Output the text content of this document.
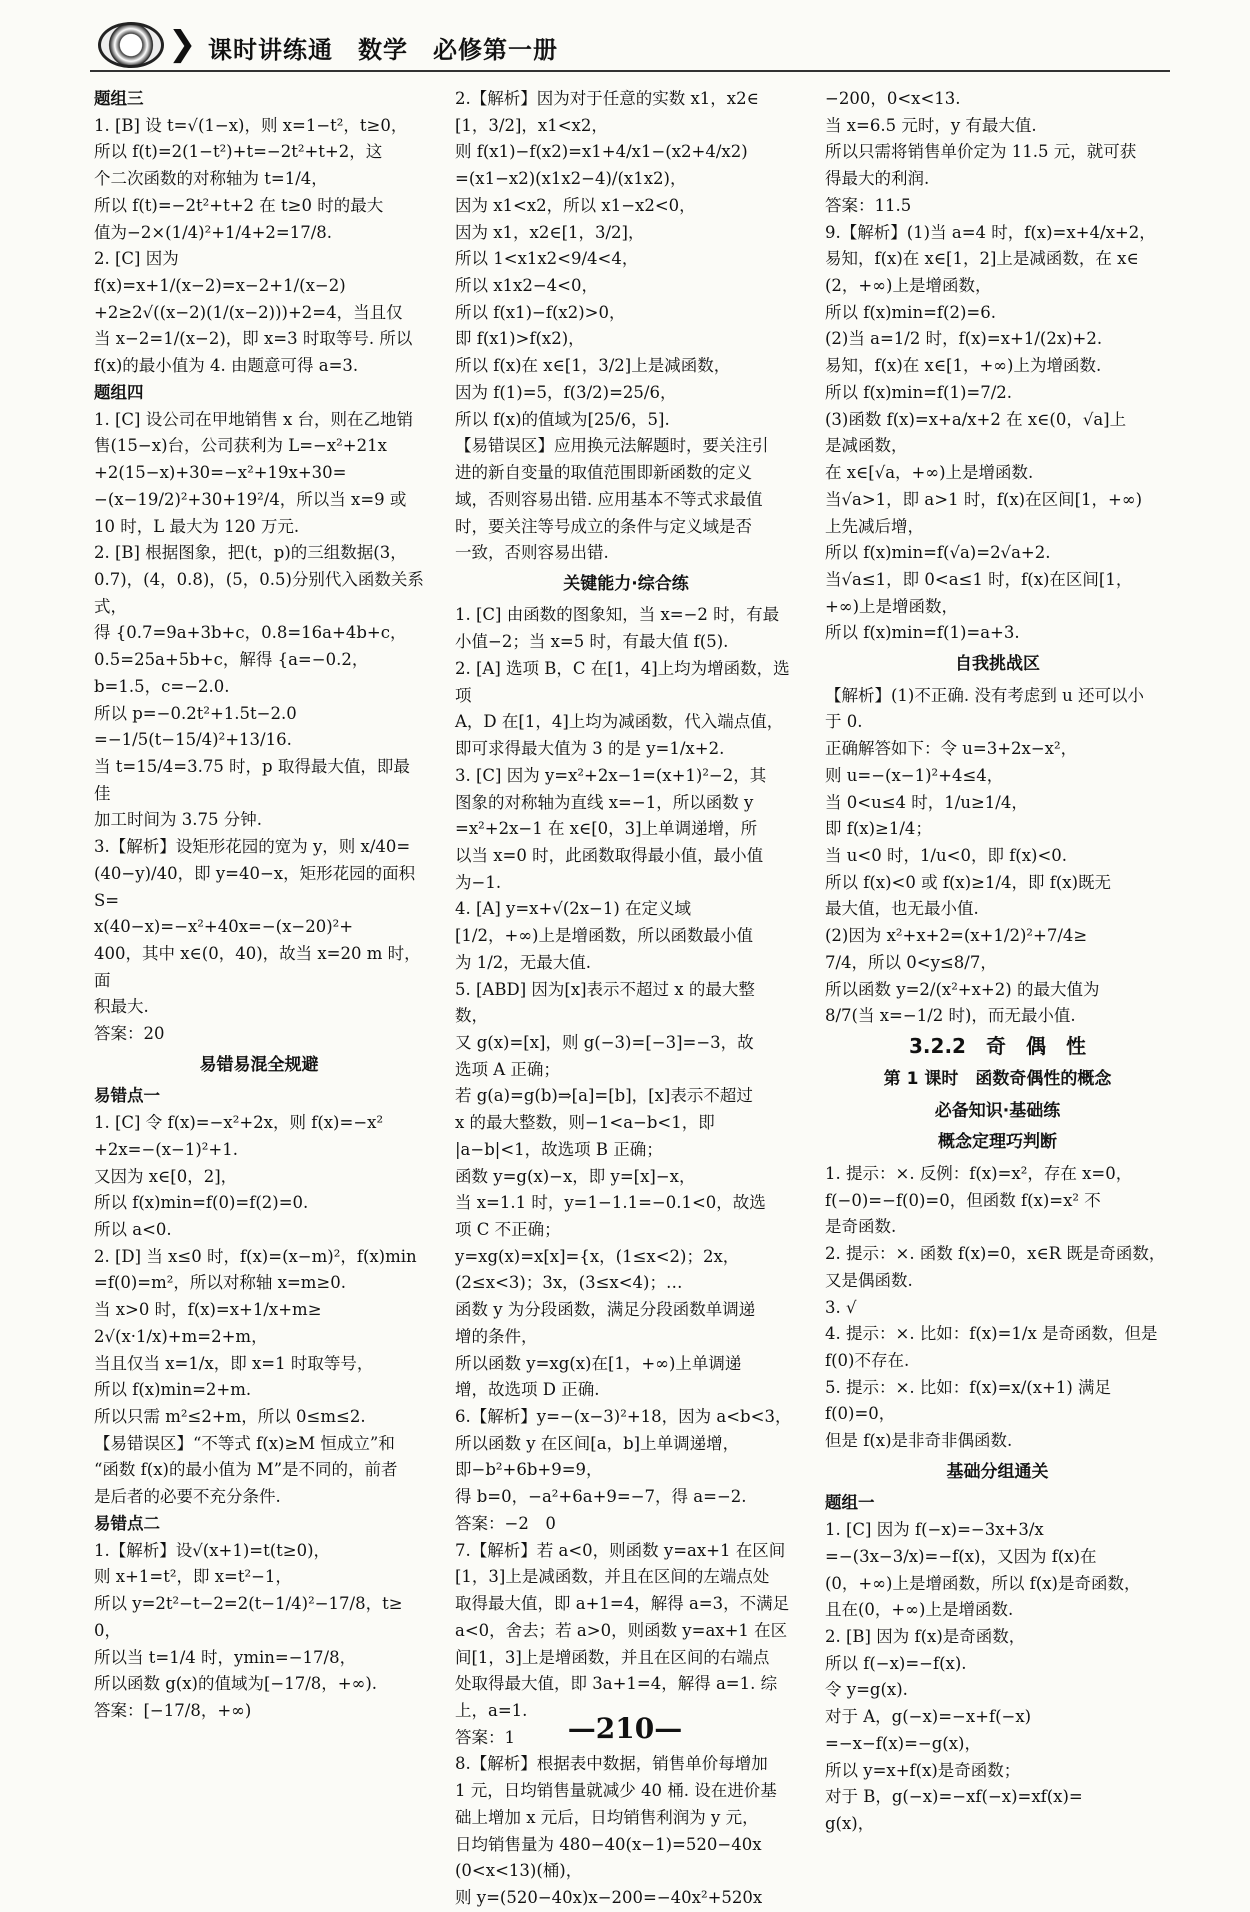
❯ 课时讲练通　数学　必修第一册

题组三

1. [B] 设 t=√(1−x)，则 x=1−t²，t≥0，

所以 f(t)=2(1−t²)+t=−2t²+t+2，这

个二次函数的对称轴为 t=1/4，

所以 f(t)=−2t²+t+2 在 t≥0 时的最大

值为−2×(1/4)²+1/4+2=17/8.

2. [C] 因为 f(x)=x+1/(x−2)=x−2+1/(x−2)

+2≥2√((x−2)(1/(x−2)))+2=4，当且仅

当 x−2=1/(x−2)，即 x=3 时取等号. 所以

f(x)的最小值为 4. 由题意可得 a=3.

题组四

1. [C] 设公司在甲地销售 x 台，则在乙地销

售(15−x)台，公司获利为 L=−x²+21x

+2(15−x)+30=−x²+19x+30=

−(x−19/2)²+30+19²/4，所以当 x=9 或

10 时，L 最大为 120 万元.

2. [B] 根据图象，把(t，p)的三组数据(3，

0.7)，(4，0.8)，(5，0.5)分别代入函数关系

式，

得 {0.7=9a+3b+c，0.8=16a+4b+c，0.5=25a+5b+c，解得 {a=−0.2，b=1.5，c=−2.0.

所以 p=−0.2t²+1.5t−2.0

=−1/5(t−15/4)²+13/16.

当 t=15/4=3.75 时，p 取得最大值，即最佳

加工时间为 3.75 分钟.

3.【解析】设矩形花园的宽为 y，则 x/40=

(40−y)/40，即 y=40−x，矩形花园的面积 S=

x(40−x)=−x²+40x=−(x−20)²+

400，其中 x∈(0，40)，故当 x=20 m 时，面

积最大.

答案：20

易错易混全规避

易错点一

1. [C] 令 f(x)=−x²+2x，则 f(x)=−x²

+2x=−(x−1)²+1.

又因为 x∈[0，2]，

所以 f(x)min=f(0)=f(2)=0.

所以 a<0.

2. [D] 当 x≤0 时，f(x)=(x−m)²，f(x)min

=f(0)=m²，所以对称轴 x=m≥0.

当 x>0 时，f(x)=x+1/x+m≥

2√(x·1/x)+m=2+m，

当且仅当 x=1/x，即 x=1 时取等号，

所以 f(x)min=2+m.

所以只需 m²≤2+m，所以 0≤m≤2.

【易错误区】“不等式 f(x)≥M 恒成立”和

“函数 f(x)的最小值为 M”是不同的，前者

是后者的必要不充分条件.

易错点二

1.【解析】设√(x+1)=t(t≥0)，

则 x+1=t²，即 x=t²−1，

所以 y=2t²−t−2=2(t−1/4)²−17/8，t≥

0，

所以当 t=1/4 时，ymin=−17/8，

所以函数 g(x)的值域为[−17/8，+∞).

答案：[−17/8，+∞)

2.【解析】因为对于任意的实数 x1，x2∈

[1，3/2]，x1<x2，

则 f(x1)−f(x2)=x1+4/x1−(x2+4/x2)

=(x1−x2)(x1x2−4)/(x1x2)，

因为 x1<x2，所以 x1−x2<0，

因为 x1，x2∈[1，3/2]，

所以 1<x1x2<9/4<4，

所以 x1x2−4<0，

所以 f(x1)−f(x2)>0，

即 f(x1)>f(x2)，

所以 f(x)在 x∈[1，3/2]上是减函数，

因为 f(1)=5，f(3/2)=25/6，

所以 f(x)的值域为[25/6，5].

【易错误区】应用换元法解题时，要关注引

进的新自变量的取值范围即新函数的定义

域，否则容易出错. 应用基本不等式求最值

时，要关注等号成立的条件与定义域是否

一致，否则容易出错.

关键能力·综合练

1. [C] 由函数的图象知，当 x=−2 时，有最

小值−2；当 x=5 时，有最大值 f(5).

2. [A] 选项 B，C 在[1，4]上均为增函数，选项

A，D 在[1，4]上均为减函数，代入端点值，

即可求得最大值为 3 的是 y=1/x+2.

3. [C] 因为 y=x²+2x−1=(x+1)²−2，其

图象的对称轴为直线 x=−1，所以函数 y

=x²+2x−1 在 x∈[0，3]上单调递增，所

以当 x=0 时，此函数取得最小值，最小值

为−1.

4. [A] y=x+√(2x−1) 在定义域

[1/2，+∞)上是增函数，所以函数最小值

为 1/2，无最大值.

5. [ABD] 因为[x]表示不超过 x 的最大整

数，

又 g(x)=[x]，则 g(−3)=[−3]=−3，故

选项 A 正确；

若 g(a)=g(b)⇒[a]=[b]，[x]表示不超过

x 的最大整数，则−1<a−b<1，即

|a−b|<1，故选项 B 正确；

函数 y=g(x)−x，即 y=[x]−x，

当 x=1.1 时，y=1−1.1=−0.1<0，故选

项 C 不正确；

y=xg(x)=x[x]={x，(1≤x<2)；2x，(2≤x<3)；3x，(3≤x<4)；…

函数 y 为分段函数，满足分段函数单调递

增的条件，

所以函数 y=xg(x)在[1，+∞)上单调递

增，故选项 D 正确.

6.【解析】y=−(x−3)²+18，因为 a<b<3，

所以函数 y 在区间[a，b]上单调递增，

即−b²+6b+9=9，

得 b=0，−a²+6a+9=−7，得 a=−2.

答案：−2　0

7.【解析】若 a<0，则函数 y=ax+1 在区间

[1，3]上是减函数，并且在区间的左端点处

取得最大值，即 a+1=4，解得 a=3，不满足

a<0，舍去；若 a>0，则函数 y=ax+1 在区

间[1，3]上是增函数，并且在区间的右端点

处取得最大值，即 3a+1=4，解得 a=1. 综

上，a=1.

答案：1

8.【解析】根据表中数据，销售单价每增加

1 元，日均销售量就减少 40 桶. 设在进价基

础上增加 x 元后，日均销售利润为 y 元，

日均销售量为 480−40(x−1)=520−40x

(0<x<13)(桶)，

则 y=(520−40x)x−200=−40x²+520x

−200，0<x<13.

当 x=6.5 元时，y 有最大值.

所以只需将销售单价定为 11.5 元，就可获

得最大的利润.

答案：11.5

9.【解析】(1)当 a=4 时，f(x)=x+4/x+2，

易知，f(x)在 x∈[1，2]上是减函数，在 x∈

(2，+∞)上是增函数，

所以 f(x)min=f(2)=6.

(2)当 a=1/2 时，f(x)=x+1/(2x)+2.

易知，f(x)在 x∈[1，+∞)上为增函数.

所以 f(x)min=f(1)=7/2.

(3)函数 f(x)=x+a/x+2 在 x∈(0，√a]上

是减函数，

在 x∈[√a，+∞)上是增函数.

当√a>1，即 a>1 时，f(x)在区间[1，+∞)

上先减后增，

所以 f(x)min=f(√a)=2√a+2.

当√a≤1，即 0<a≤1 时，f(x)在区间[1，

+∞)上是增函数，

所以 f(x)min=f(1)=a+3.

自我挑战区

【解析】(1)不正确. 没有考虑到 u 还可以小

于 0.

正确解答如下：令 u=3+2x−x²，

则 u=−(x−1)²+4≤4，

当 0<u≤4 时，1/u≥1/4，

即 f(x)≥1/4；

当 u<0 时，1/u<0，即 f(x)<0.

所以 f(x)<0 或 f(x)≥1/4，即 f(x)既无

最大值，也无最小值.

(2)因为 x²+x+2=(x+1/2)²+7/4≥

7/4，所以 0<y≤8/7，

所以函数 y=2/(x²+x+2) 的最大值为

8/7(当 x=−1/2 时)，而无最小值.

3.2.2　奇　偶　性

第 1 课时　函数奇偶性的概念

必备知识·基础练

概念定理巧判断

1. 提示：×. 反例：f(x)=x²，存在 x=0，

f(−0)=−f(0)=0，但函数 f(x)=x² 不

是奇函数.

2. 提示：×. 函数 f(x)=0，x∈R 既是奇函数，

又是偶函数.

3. √

4. 提示：×. 比如：f(x)=1/x 是奇函数，但是

f(0)不存在.

5. 提示：×. 比如：f(x)=x/(x+1) 满足 f(0)=0，

但是 f(x)是非奇非偶函数.

基础分组通关

题组一

1. [C] 因为 f(−x)=−3x+3/x

=−(3x−3/x)=−f(x)，又因为 f(x)在

(0，+∞)上是增函数，所以 f(x)是奇函数，

且在(0，+∞)上是增函数.

2. [B] 因为 f(x)是奇函数，

所以 f(−x)=−f(x).

令 y=g(x).

对于 A，g(−x)=−x+f(−x)

=−x−f(x)=−g(x)，

所以 y=x+f(x)是奇函数；

对于 B，g(−x)=−xf(−x)=xf(x)=

g(x)，

—210—
